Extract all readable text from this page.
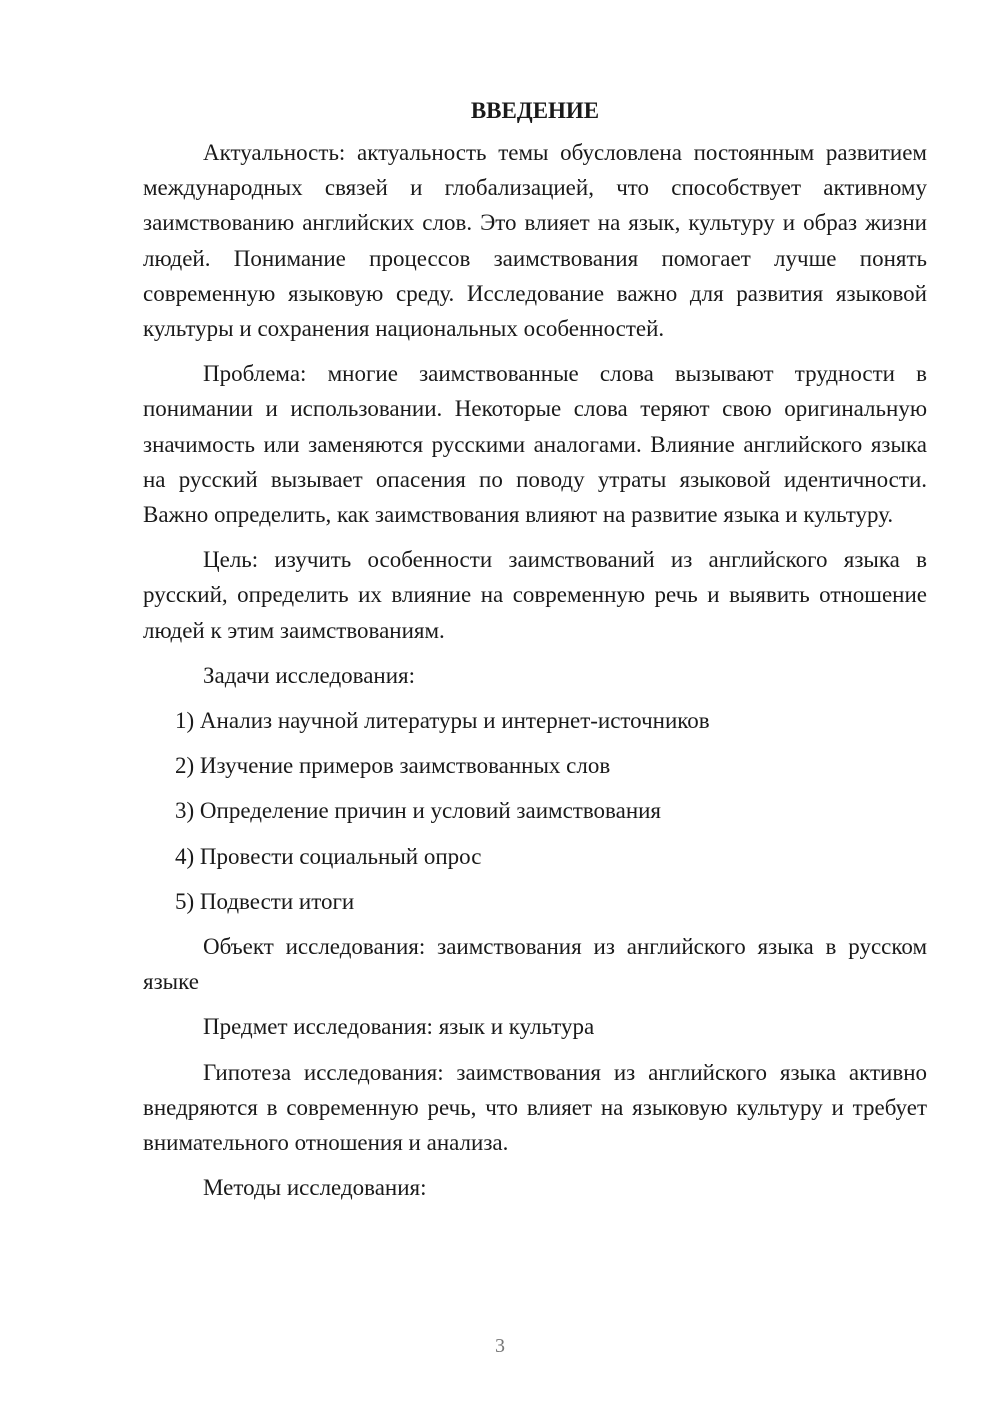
ВВЕДЕНИЕ

Актуальность: актуальность темы обусловлена постоянным развитием международных связей и глобализацией, что способствует активному заимствованию английских слов. Это влияет на язык, культуру и образ жизни людей. Понимание процессов заимствования помогает лучше понять современную языковую среду. Исследование важно для развития языковой культуры и сохранения национальных особенностей.

Проблема: многие заимствованные слова вызывают трудности в понимании и использовании. Некоторые слова теряют свою оригинальную значимость или заменяются русскими аналогами. Влияние английского языка на русский вызывает опасения по поводу утраты языковой идентичности. Важно определить, как заимствования влияют на развитие языка и культуру.

Цель: изучить особенности заимствований из английского языка в русский, определить их влияние на современную речь и выявить отношение людей к этим заимствованиям.

Задачи исследования:

1) Анализ научной литературы и интернет-источников

2) Изучение примеров заимствованных слов

3) Определение причин и условий заимствования

4) Провести социальный опрос

5) Подвести итоги

Объект исследования: заимствования из английского языка в русском языке

Предмет исследования: язык и культура

Гипотеза исследования: заимствования из английского языка активно внедряются в современную речь, что влияет на языковую культуру и требует внимательного отношения и анализа.

Методы исследования:

3
